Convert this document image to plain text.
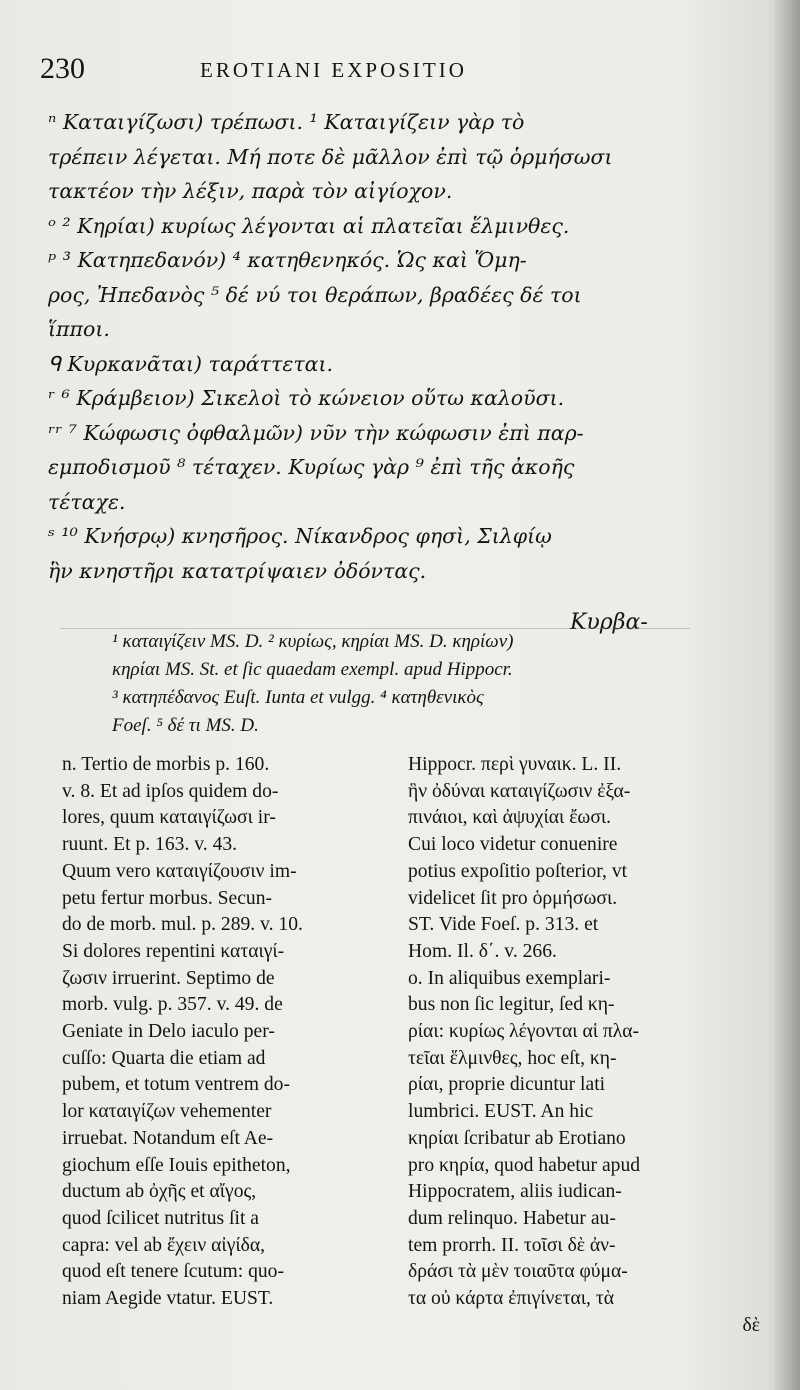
230	EROTIANI EXPOSITIO
ⁿ Καταιγίζωσι) τρέπωσι. ¹ Καταιγίζειν γὰρ τὸ
τρέπειν λέγεται. Μή ποτε δὲ μᾶλλον ἐπὶ τῷ ὁρμήσωσι
τακτέον τὴν λέξιν, παρὰ τὸν αἰγίοχον.
ᵒ ² Κηρίαι) κυρίως λέγονται αἱ πλατεῖαι ἕλμινθες.
ᵖ ³ Κατηπεδανόν) ⁴ κατηθενηκός. Ὡς καὶ Ὅμη-
ρος, Ἠπεδανὸς ⁵ δέ νύ τοι θεράπων, βραδέες δέ τοι
ἵπποι.
ᑫ Κυρκανᾶται) ταράττεται.
ʳ ⁶ Κράμβειον) Σικελοὶ τὸ κώνειον οὕτω καλοῦσι.
ʳʳ ⁷ Κώφωσις ὀφθαλμῶν) νῦν τὴν κώφωσιν ἐπὶ παρ-
εμποδισμοῦ ⁸ τέταχεν. Κυρίως γὰρ ⁹ ἐπὶ τῆς ἀκοῆς
τέταχε.
ˢ ¹⁰ Κνήσρῳ) κνησῆρος. Νίκανδρος φησὶ, Σιλφίῳ
ἣν κνηστῆρι κατατρίψαιεν ὀδόντας.
Κυρβα-
¹ καταιγίζειν MS. D. ² κυρίως, κηρίαι MS. D. κηρίων)
κηρίαι MS. St. et ſic quaedam exempl. apud Hippocr.
³ κατηπέδανος Euſt. Iunta et vulgg. ⁴ κατηθενικὸς
Foeſ. ⁵ δέ τι MS. D.
n. Tertio de morbis p. 160.
v. 8. Et ad ipſos quidem do-
lores, quum καταιγίζωσι ir-
ruunt. Et p. 163. v. 43.
Quum vero καταιγίζουσιν im-
petu fertur morbus. Secun-
do de morb. mul. p. 289. v. 10.
Si dolores repentini καταιγί-
ζωσιν irruerint. Septimo de
morb. vulg. p. 357. v. 49. de
Geniate in Delo iaculo per-
cuſſo: Quarta die etiam ad
pubem, et totum ventrem do-
lor καταιγίζων vehementer
irruebat. Notandum eſt Ae-
giochum eſſe Iouis epitheton,
ductum ab ὀχῆς et αἴγος,
quod ſcilicet nutritus ſit a
capra: vel ab ἔχειν αἰγίδα,
quod eſt tenere ſcutum: quo-
niam Aegide vtatur. EUST.
Hippocr. περὶ γυναικ. L. II.
ἣν ὀδύναι καταιγίζωσιν ἐξα-
πινάιοι, καὶ ἀψυχίαι ἔωσι.
Cui loco videtur conuenire
potius expoſitio poſterior, vt
videlicet ſit pro ὁρμήσωσι.
ST. Vide Foeſ. p. 313. et
Hom. Il. δ΄. v. 266.
o. In aliquibus exemplari-
bus non ſic legitur, ſed κη-
ρίαι: κυρίως λέγονται αἱ πλα-
τεῖαι ἕλμινθες, hoc eſt, κη-
ρίαι, proprie dicuntur lati
lumbrici. EUST. An hic
κηρίαι ſcribatur ab Erotiano
pro κηρία, quod habetur apud
Hippocratem, aliis iudican-
dum relinquo. Habetur au-
tem prorrh. II. τοῖσι δὲ ἀν-
δράσι τὰ μὲν τοιαῦτα φύμα-
τα οὐ κάρτα ἐπιγίνεται, τὰ
δὲ
